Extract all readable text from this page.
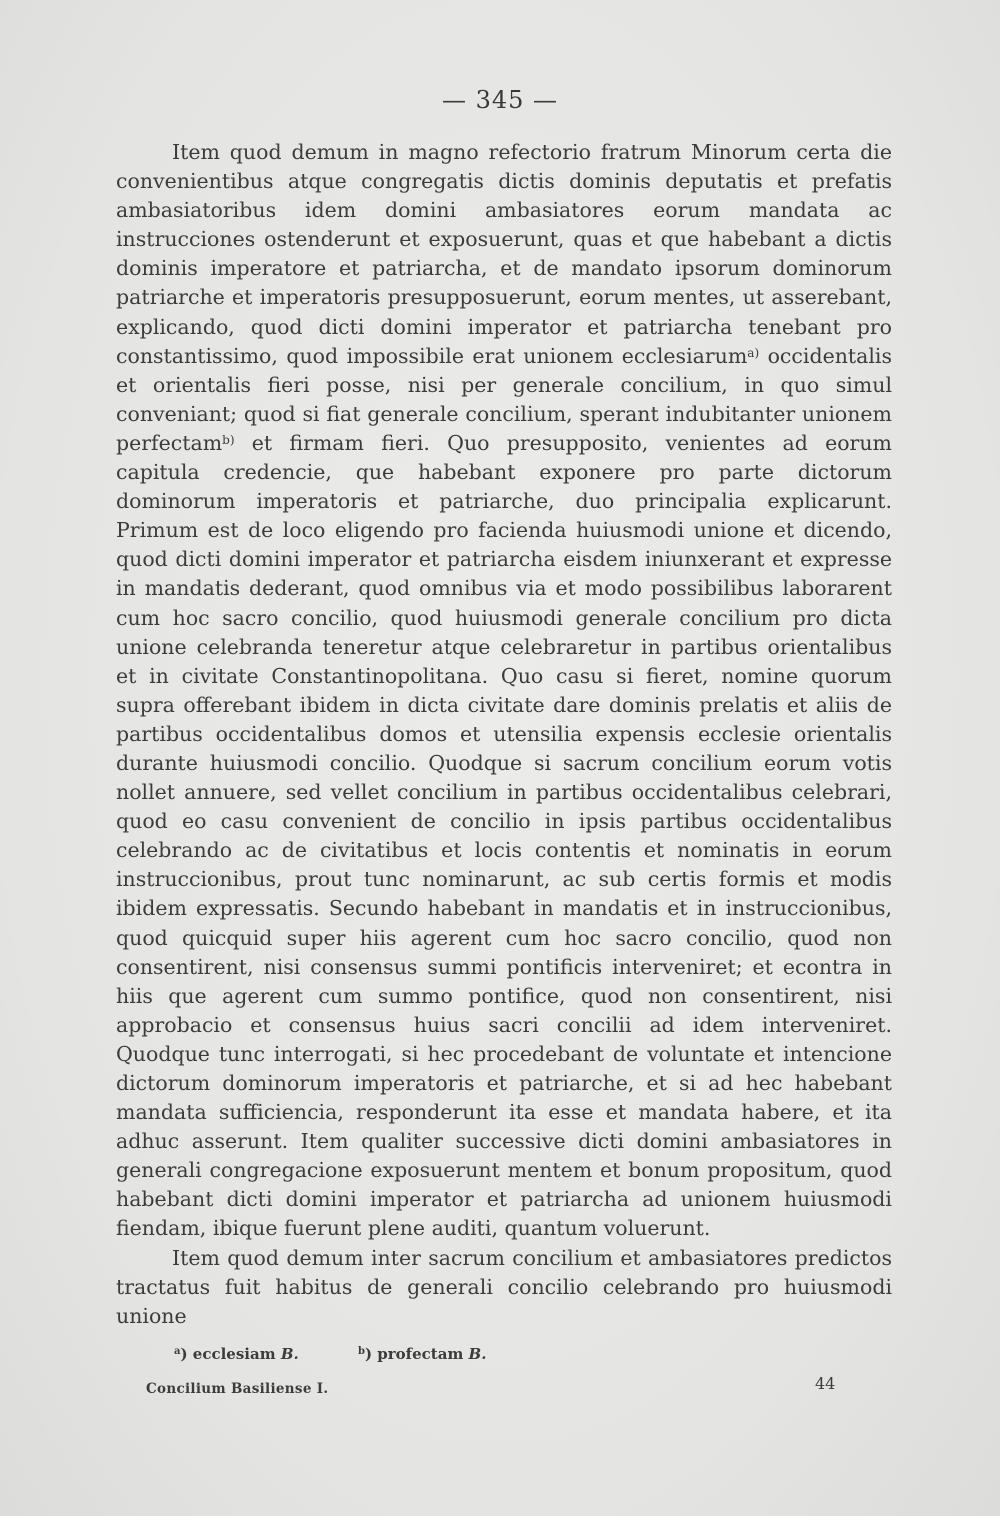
— 345 —

Item quod demum in magno refectorio fratrum Minorum certa die convenientibus atque congregatis dictis dominis deputatis et prefatis ambasiatoribus idem domini ambasiatores eorum mandata ac instrucciones ostenderunt et exposuerunt, quas et que habebant a dictis dominis imperatore et patriarcha, et de mandato ipsorum dominorum patriarche et imperatoris presupposuerunt, eorum mentes, ut asserebant, explicando, quod dicti domini imperator et patriarcha tenebant pro constantissimo, quod impossibile erat unionem ecclesiarum$^{a)}$ occidentalis et orientalis fieri posse, nisi per generale concilium, in quo simul conveniant; quod si fiat generale concilium, sperant indubitanter unionem perfectam$^{b)}$ et firmam fieri. Quo presupposito, venientes ad eorum capitula credencie, que habebant exponere pro parte dictorum dominorum imperatoris et patriarche, duo principalia explicarunt. Primum est de loco eligendo pro facienda huiusmodi unione et dicendo, quod dicti domini imperator et patriarcha eisdem iniunxerant et expresse in mandatis dederant, quod omnibus via et modo possibilibus laborarent cum hoc sacro concilio, quod huiusmodi generale concilium pro dicta unione celebranda teneretur atque celebraretur in partibus orientalibus et in civitate Constantinopolitana. Quo casu si fieret, nomine quorum supra offerebant ibidem in dicta civitate dare dominis prelatis et aliis de partibus occidentalibus domos et utensilia expensis ecclesie orientalis durante huiusmodi concilio. Quodque si sacrum concilium eorum votis nollet annuere, sed vellet concilium in partibus occidentalibus celebrari, quod eo casu convenient de concilio in ipsis partibus occidentalibus celebrando ac de civitatibus et locis contentis et nominatis in eorum instruccionibus, prout tunc nominarunt, ac sub certis formis et modis ibidem expressatis. Secundo habebant in mandatis et in instruccionibus, quod quicquid super hiis agerent cum hoc sacro concilio, quod non consentirent, nisi consensus summi pontificis interveniret; et econtra in hiis que agerent cum summo pontifice, quod non consentirent, nisi approbacio et consensus huius sacri concilii ad idem interveniret. Quodque tunc interrogati, si hec procedebant de voluntate et intencione dictorum dominorum imperatoris et patriarche, et si ad hec habebant mandata sufficiencia, responderunt ita esse et mandata habere, et ita adhuc asserunt. Item qualiter successive dicti domini ambasiatores in generali congregacione exposuerunt mentem et bonum propositum, quod habebant dicti domini imperator et patriarcha ad unionem huiusmodi fiendam, ibique fuerunt plene auditi, quantum voluerunt.

Item quod demum inter sacrum concilium et ambasiatores predictos tractatus fuit habitus de generali concilio celebrando pro huiusmodi unione

$^a$) ecclesiam B.	$^b$) profectam B.
Concilium Basiliense I.	44
